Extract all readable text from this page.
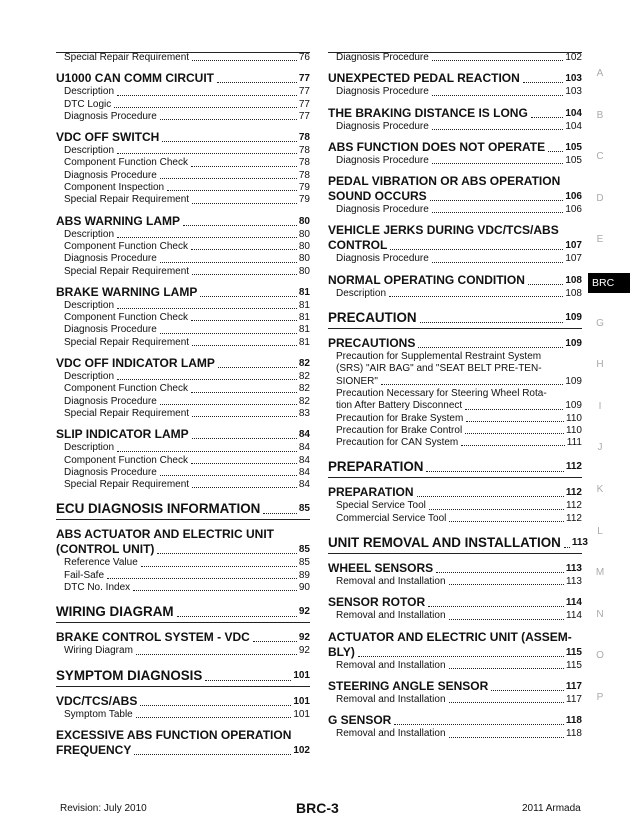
Special Repair Requirement	76
U1000 CAN COMM CIRCUIT	77
Description	77
DTC Logic	77
Diagnosis Procedure	77
VDC OFF SWITCH	78
Description	78
Component Function Check	78
Diagnosis Procedure	78
Component Inspection	79
Special Repair Requirement	79
ABS WARNING LAMP	80
Description	80
Component Function Check	80
Diagnosis Procedure	80
Special Repair Requirement	80
BRAKE WARNING LAMP	81
Description	81
Component Function Check	81
Diagnosis Procedure	81
Special Repair Requirement	81
VDC OFF INDICATOR LAMP	82
Description	82
Component Function Check	82
Diagnosis Procedure	82
Special Repair Requirement	83
SLIP INDICATOR LAMP	84
Description	84
Component Function Check	84
Diagnosis Procedure	84
Special Repair Requirement	84
ECU DIAGNOSIS INFORMATION	85
ABS ACTUATOR AND ELECTRIC UNIT
(CONTROL UNIT)	85
Reference Value	85
Fail-Safe	89
DTC No. Index	90
WIRING DIAGRAM	92
BRAKE CONTROL SYSTEM - VDC	92
Wiring Diagram	92
SYMPTOM DIAGNOSIS	101
VDC/TCS/ABS	101
Symptom Table	101
EXCESSIVE ABS FUNCTION OPERATION
FREQUENCY	102
Diagnosis Procedure	102
UNEXPECTED PEDAL REACTION	103
Diagnosis Procedure	103
THE BRAKING DISTANCE IS LONG	104
Diagnosis Procedure	104
ABS FUNCTION DOES NOT OPERATE 105
Diagnosis Procedure	105
PEDAL VIBRATION OR ABS OPERATION
SOUND OCCURS	106
Diagnosis Procedure	106
VEHICLE JERKS DURING VDC/TCS/ABS
CONTROL	107
Diagnosis Procedure	107
NORMAL OPERATING CONDITION	108
Description	108
PRECAUTION	109
PRECAUTIONS	109
Precaution for Supplemental Restraint System
(SRS) "AIR BAG" and "SEAT BELT PRE-TEN-
SIONER"	109
Precaution Necessary for Steering Wheel Rota-
tion After Battery Disconnect	109
Precaution for Brake System	110
Precaution for Brake Control	110
Precaution for CAN System	111
PREPARATION	112
PREPARATION	112
Special Service Tool	112
Commercial Service Tool	112
UNIT REMOVAL AND INSTALLATION 113
WHEEL SENSORS	113
Removal and Installation	113
SENSOR ROTOR	114
Removal and Installation	114
ACTUATOR AND ELECTRIC UNIT (ASSEM-
BLY)	115
Removal and Installation	115
STEERING ANGLE SENSOR	117
Removal and Installation	117
G SENSOR	118
Removal and Installation	118
A
B
C
D
E
G
H
I
J
K
L
M
N
O
P
BRC
Revision: July 2010	BRC-3	2011 Armada
